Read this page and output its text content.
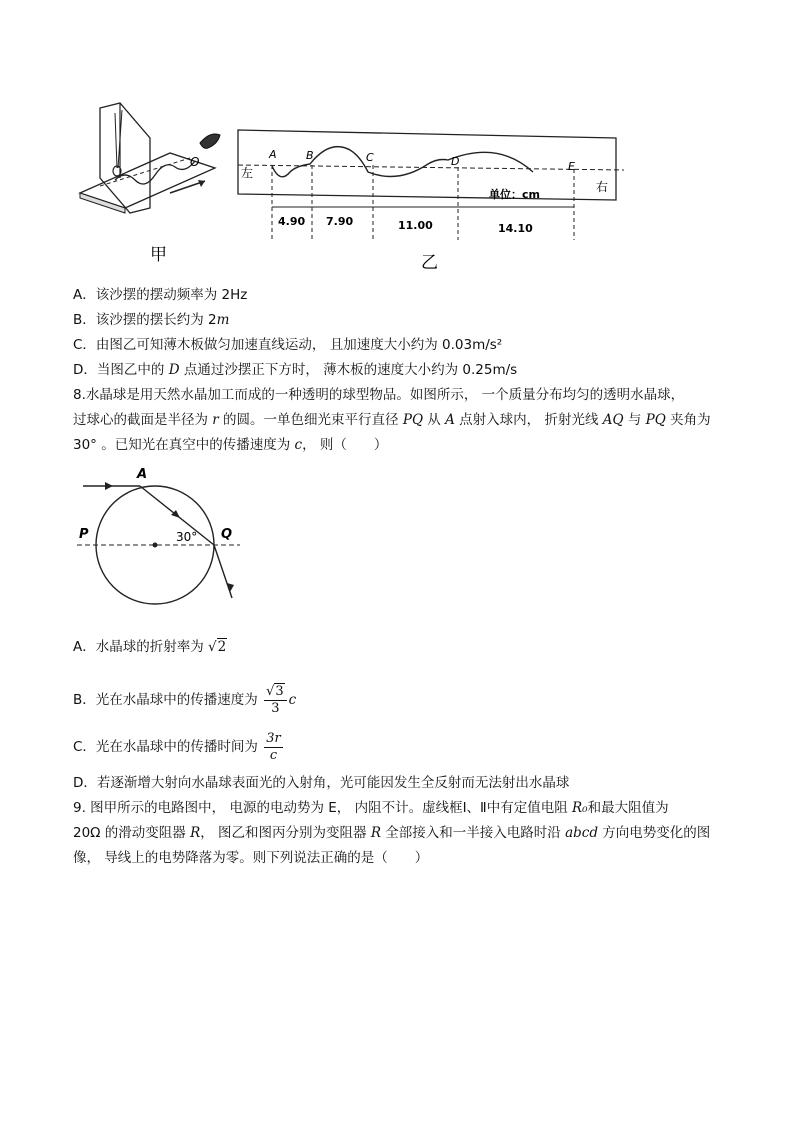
O
甲
左
右
单位：cm
A	B	C	D	E
4.90 7.90	11.00	14.10
乙
A．该沙摆的摆动频率为 2Hz
B．该沙摆的摆长约为 2m
C．由图乙可知薄木板做匀加速直线运动， 且加速度大小约为 0.03m/s²
D．当图乙中的 D 点通过沙摆正下方时， 薄木板的速度大小约为 0.25m/s
8.水晶球是用天然水晶加工而成的一种透明的球型物品。如图所示， 一个质量分布均匀的透明水晶球，
过球心的截面是半径为 r 的圆。一单色细光束平行直径 PQ 从 A 点射入球内， 折射光线 AQ 与 PQ 夹角为
30° 。已知光在真空中的传播速度为 c， 则（　　）
A
P	Q
30°
A．水晶球的折射率为 √2
B．光在水晶球中的传播速度为 $\frac{√3}{3}$ c
C．光在水晶球中的传播时间为 $\frac{3r}{c}$
D．若逐渐增大射向水晶球表面光的入射角，光可能因发生全反射而无法射出水晶球
9. 图甲所示的电路图中， 电源的电动势为 E， 内阻不计。虚线框Ⅰ、Ⅱ中有定值电阻 R₀和最大阻值为
20Ω 的滑动变阻器 R， 图乙和图丙分别为变阻器 R 全部接入和一半接入电路时沿 abcd 方向电势变化的图
像， 导线上的电势降落为零。则下列说法正确的是（　　）
